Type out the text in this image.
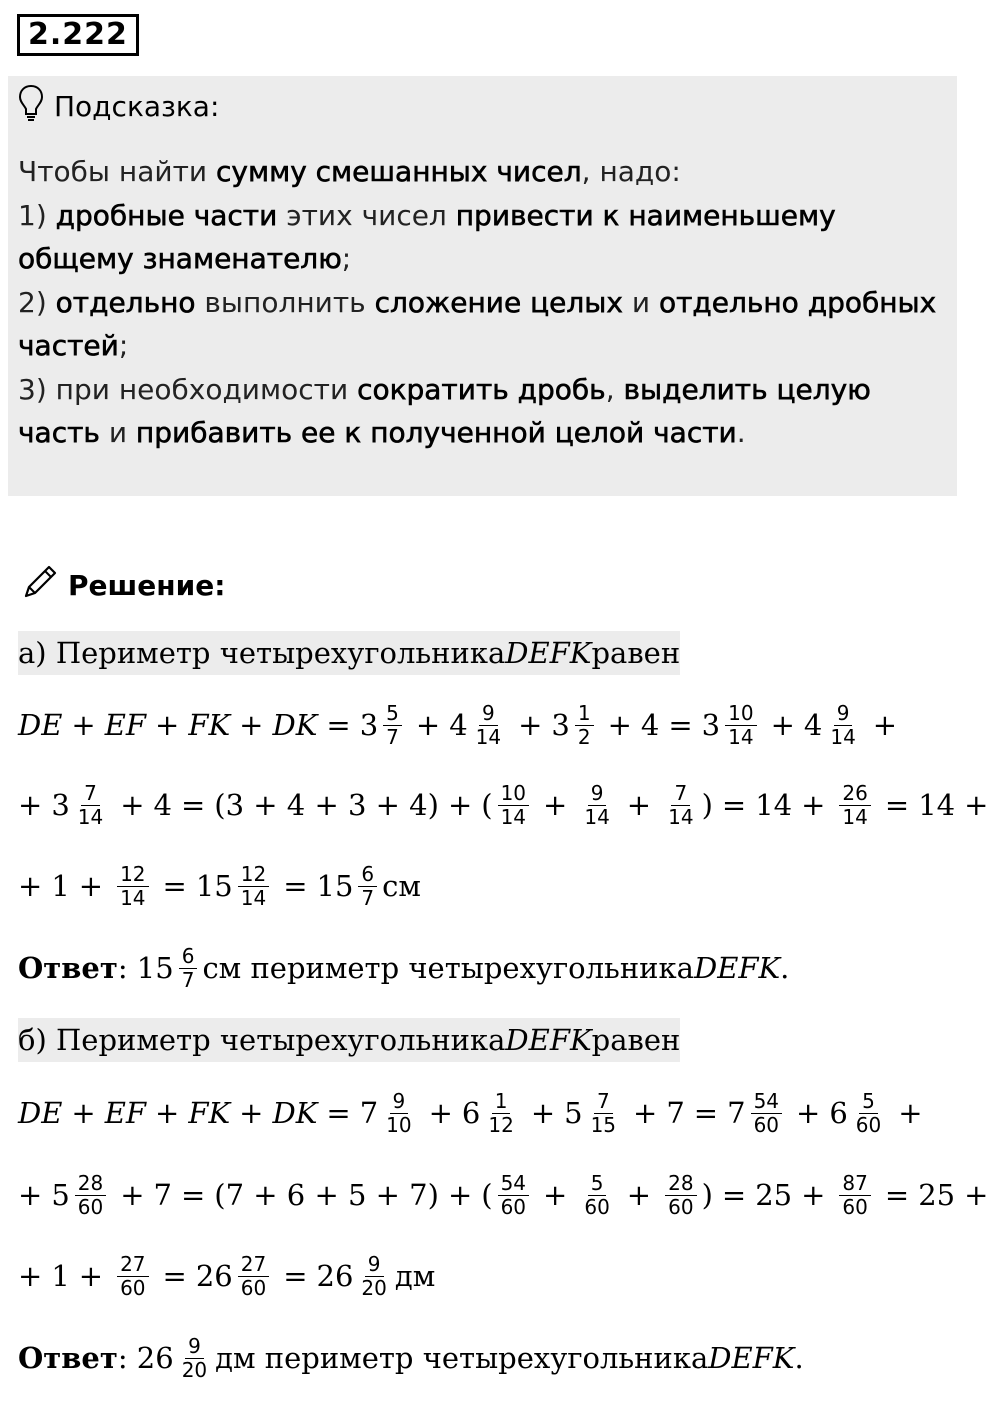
2.222
Подсказка:
Чтобы найти сумму смешанных чисел, надо:
1) дробные части этих чисел привести к наименьшему
общему знаменателю;
2) отдельно выполнить сложение целых и отдельно дробных
частей;
3) при необходимости сократить дробь, выделить целую
часть и прибавить ее к полученной целой части.
Решение:
а) Периметр четырехугольника DEFK равен
DE + EF + FK + DK = $3 \frac{5}{7} + 4 \frac{9}{14} + 3 \frac{1}{2} + 4 = 3 \frac{10}{14} + 4 \frac{9}{14}$ +
+ $3 \frac{7}{14} + 4 = (3 + 4 + 3 + 4)$ + ( $\frac{10}{14} + \frac{9}{14} + \frac{7}{14}$ ) = $14 + \frac{26}{14} = 14$ +
+ $1 + \frac{12}{14} = 15 \frac{12}{14} = 15 \frac{6}{7}$ см
Ответ : $15 \frac{6}{7}$ см периметр четырехугольника DEFK .
б) Периметр четырехугольника DEFK равен
DE + EF + FK + DK = $7 \frac{9}{10} + 6 \frac{1}{12} + 5 \frac{7}{15} + 7 = 7 \frac{54}{60} + 6 \frac{5}{60}$ +
+ $5 \frac{28}{60} + 7 = (7 + 6 + 5 + 7)$ + ( $\frac{54}{60} + \frac{5}{60} + \frac{28}{60}$ ) = $25 + \frac{87}{60} = 25$ +
+ $1 + \frac{27}{60} = 26 \frac{27}{60} = 26 \frac{9}{20}$ дм
Ответ : $26 \frac{9}{20}$ дм периметр четырехугольника DEFK .
